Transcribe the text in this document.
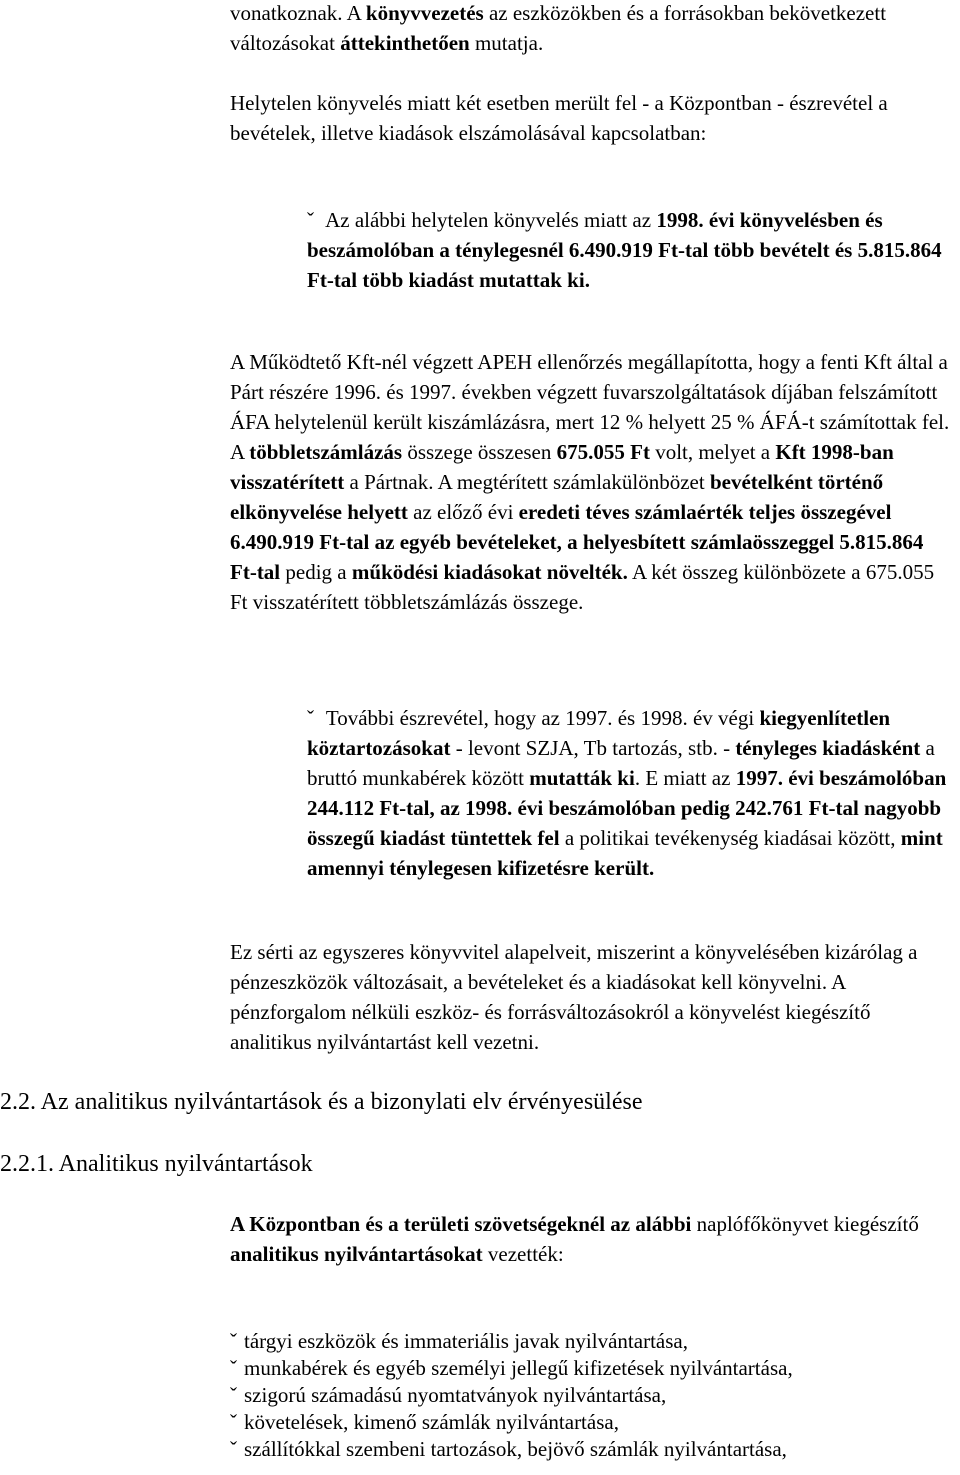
vonatkoznak. A könyvvezetés az eszközökben és a forrásokban bekövetkezett változásokat áttekinthetően mutatja.

Helytelen könyvelés miatt két esetben merült fel - a Központban - észrevétel a bevételek, illetve kiadások elszámolásával kapcsolatban:

ˇ Az alábbi helytelen könyvelés miatt az 1998. évi könyvelésben és beszámolóban a ténylegesnél 6.490.919 Ft-tal több bevételt és 5.815.864 Ft-tal több kiadást mutattak ki.

A Működtető Kft-nél végzett APEH ellenőrzés megállapította, hogy a fenti Kft által a Párt részére 1996. és 1997. években végzett fuvarszolgáltatások díjában felszámított ÁFA helytelenül került kiszámlázásra, mert 12 % helyett 25 % ÁFÁ-t számítottak fel. A többletszámlázás összege összesen 675.055 Ft volt, melyet a Kft 1998-ban visszatérített a Pártnak. A megtérített számlakülönbözet bevételként történő elkönyvelése helyett az előző évi eredeti téves számlaérték teljes összegével 6.490.919 Ft-tal az egyéb bevételeket, a helyesbített számlaösszeggel 5.815.864 Ft-tal pedig a működési kiadásokat növelték. A két összeg különbözete a 675.055 Ft visszatérített többletszámlázás összege.

ˇ További észrevétel, hogy az 1997. és 1998. év végi kiegyenlítetlen köztartozásokat - levont SZJA, Tb tartozás, stb. - tényleges kiadásként a bruttó munkabérek között mutatták ki. E miatt az 1997. évi beszámolóban 244.112 Ft-tal, az 1998. évi beszámolóban pedig 242.761 Ft-tal nagyobb összegű kiadást tüntettek fel a politikai tevékenység kiadásai között, mint amennyi ténylegesen kifizetésre került.

Ez sérti az egyszeres könyvvitel alapelveit, miszerint a könyvelésében kizárólag a pénzeszközök változásait, a bevételeket és a kiadásokat kell könyvelni. A pénzforgalom nélküli eszköz- és forrásváltozásokról a könyvelést kiegészítő analitikus nyilvántartást kell vezetni.

2.2. Az analitikus nyilvántartások és a bizonylati elv érvényesülése
2.2.1. Analitikus nyilvántartások

A Központban és a területi szövetségeknél az alábbi naplófőkönyvet kiegészítő analitikus nyilvántartásokat vezették:

ˇ tárgyi eszközök és immateriális javak nyilvántartása,
ˇ munkabérek és egyéb személyi jellegű kifizetések nyilvántartása,
ˇ szigorú számadású nyomtatványok nyilvántartása,
ˇ követelések, kimenő számlák nyilvántartása,
ˇ szállítókkal szembeni tartozások, bejövő számlák nyilvántartása,
